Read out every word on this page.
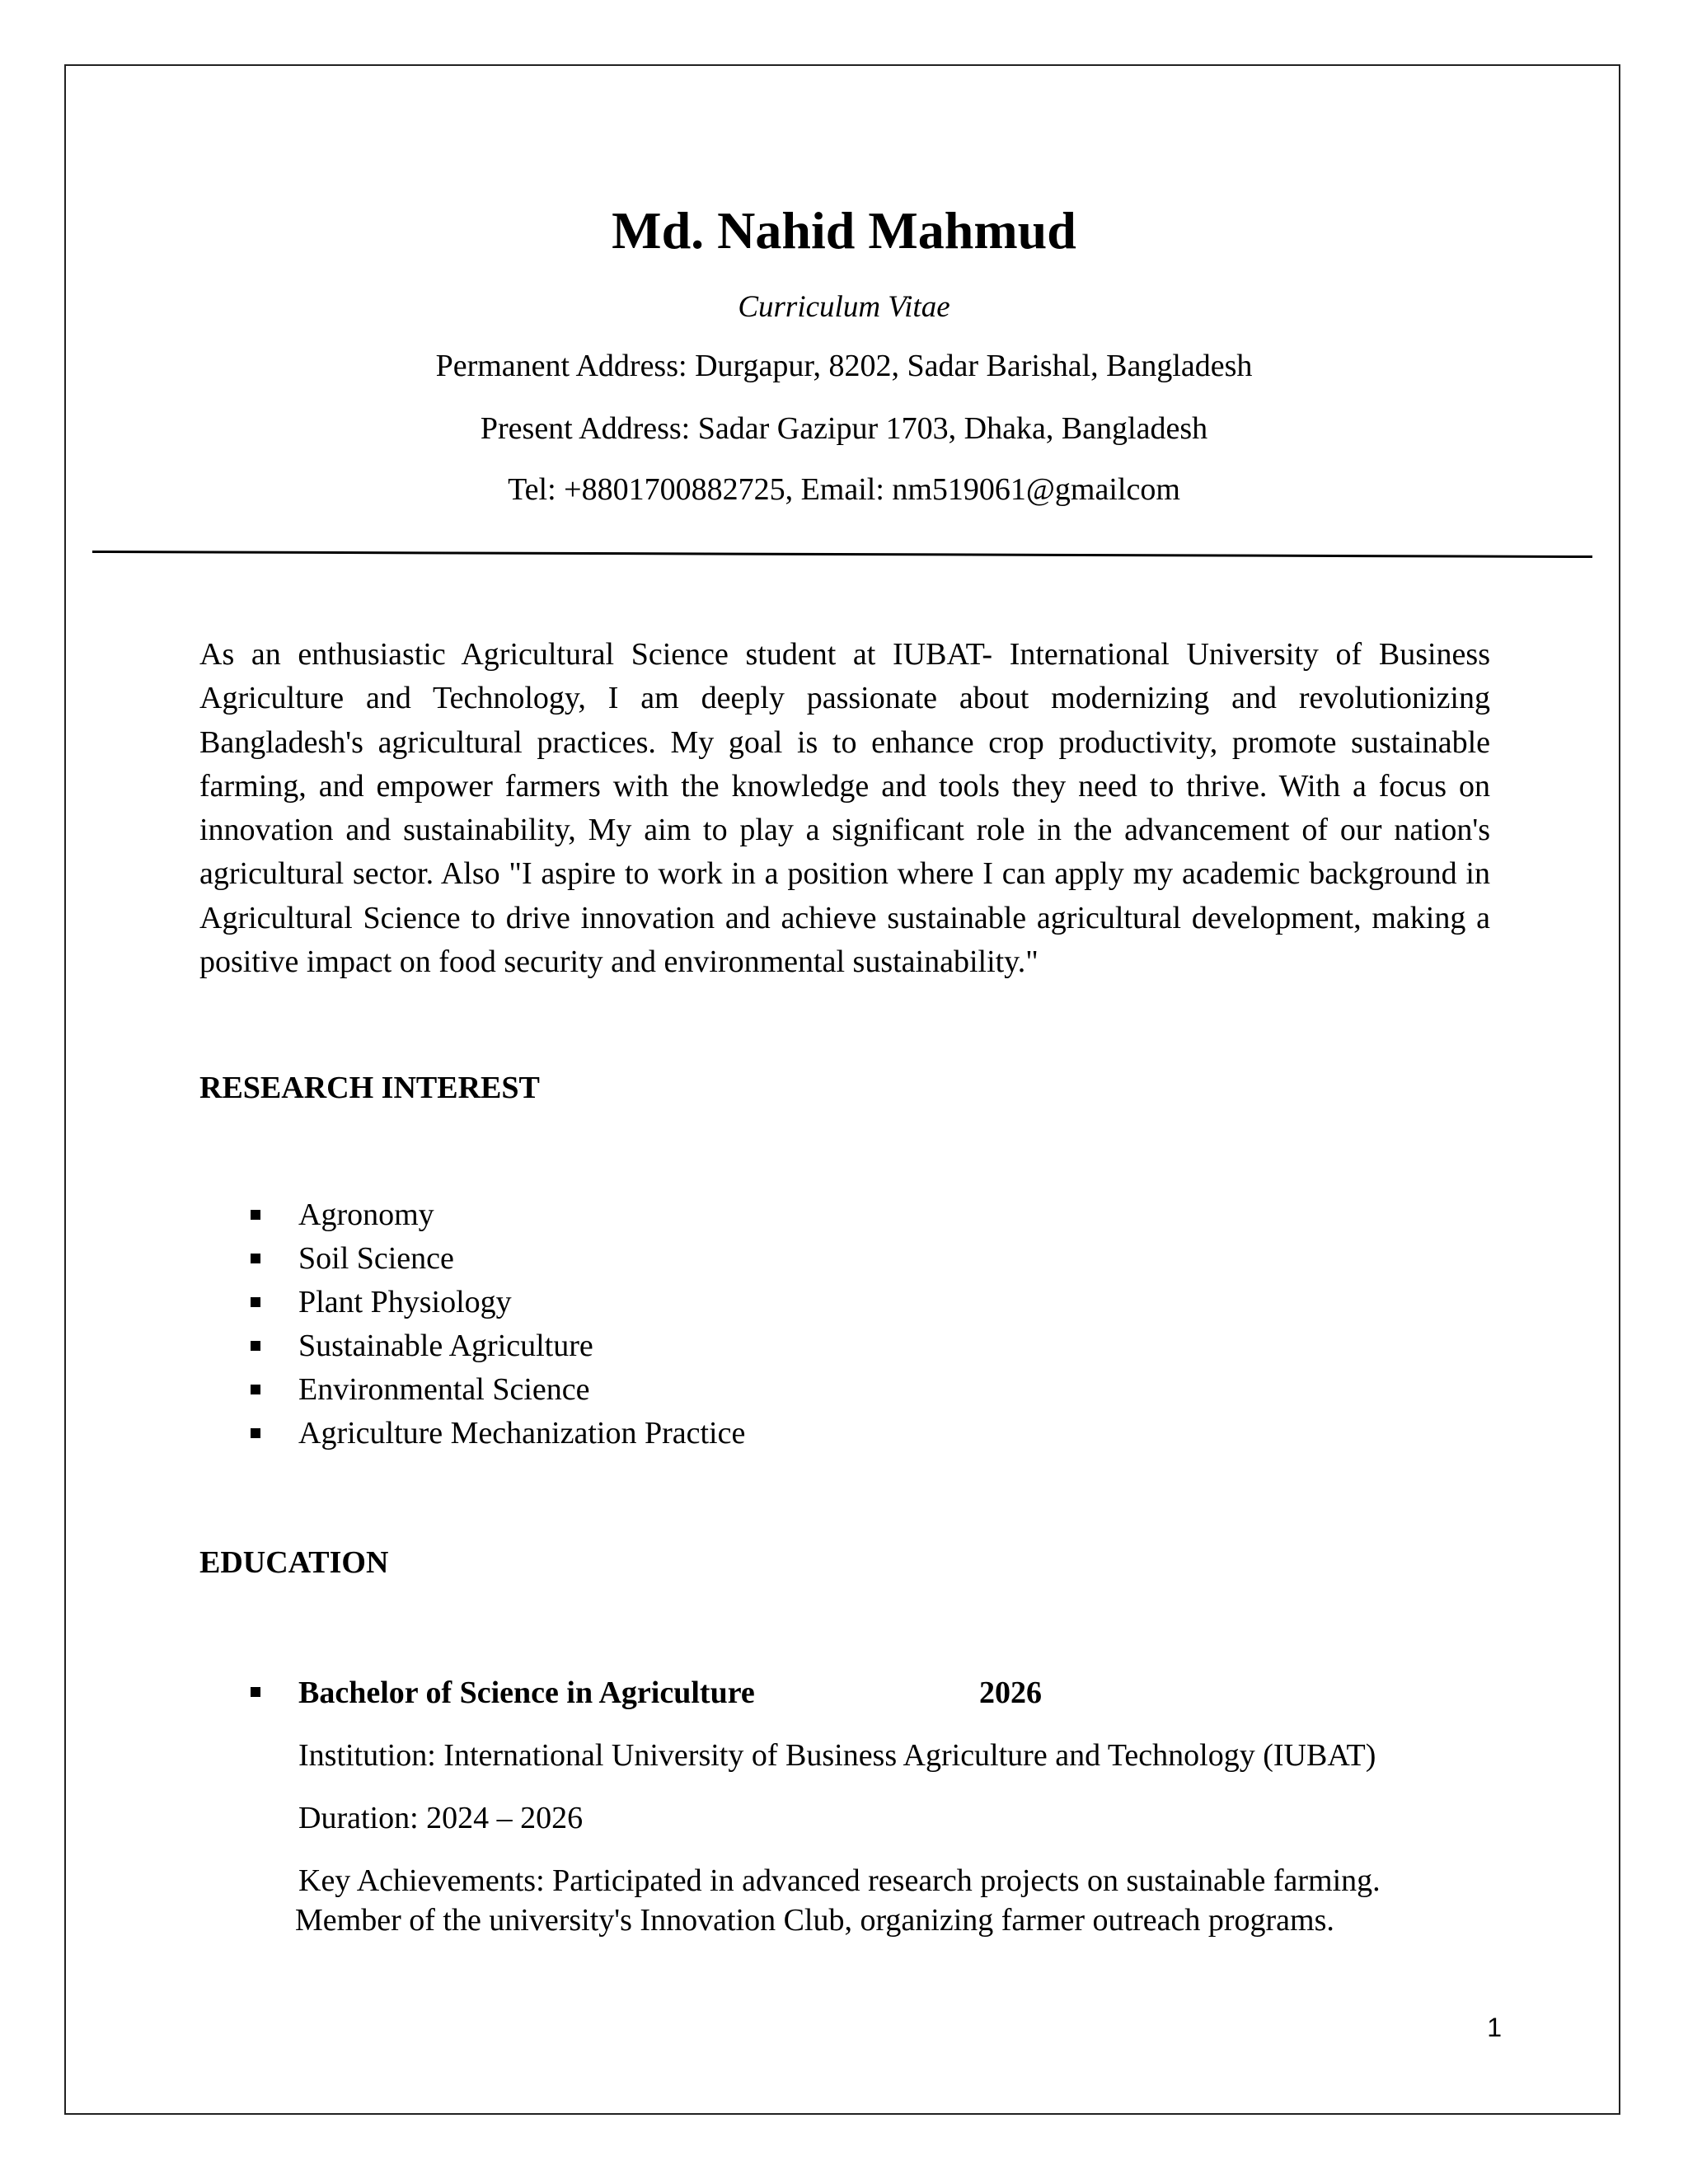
Md. Nahid Mahmud
Curriculum Vitae
Permanent Address: Durgapur, 8202, Sadar Barishal, Bangladesh
Present Address: Sadar Gazipur 1703, Dhaka, Bangladesh
Tel: +8801700882725, Email: nm519061@gmailcom
As an enthusiastic Agricultural Science student at IUBAT- International University of Business Agriculture and Technology, I am deeply passionate about modernizing and revolutionizing Bangladesh's agricultural practices. My goal is to enhance crop productivity, promote sustainable farming, and empower farmers with the knowledge and tools they need to thrive. With a focus on innovation and sustainability, My aim to play a significant role in the advancement of our nation's agricultural sector. Also "I aspire to work in a position where I can apply my academic background in Agricultural Science to drive innovation and achieve sustainable agricultural development, making a positive impact on food security and environmental sustainability."
RESEARCH INTEREST
Agronomy
Soil Science
Plant Physiology
Sustainable Agriculture
Environmental Science
Agriculture Mechanization Practice
EDUCATION
Bachelor of Science in Agriculture	2026
Institution: International University of Business Agriculture and Technology (IUBAT)
Duration: 2024 – 2026
Key Achievements: Participated in advanced research projects on sustainable farming.
Member of the university's Innovation Club, organizing farmer outreach programs.
1
